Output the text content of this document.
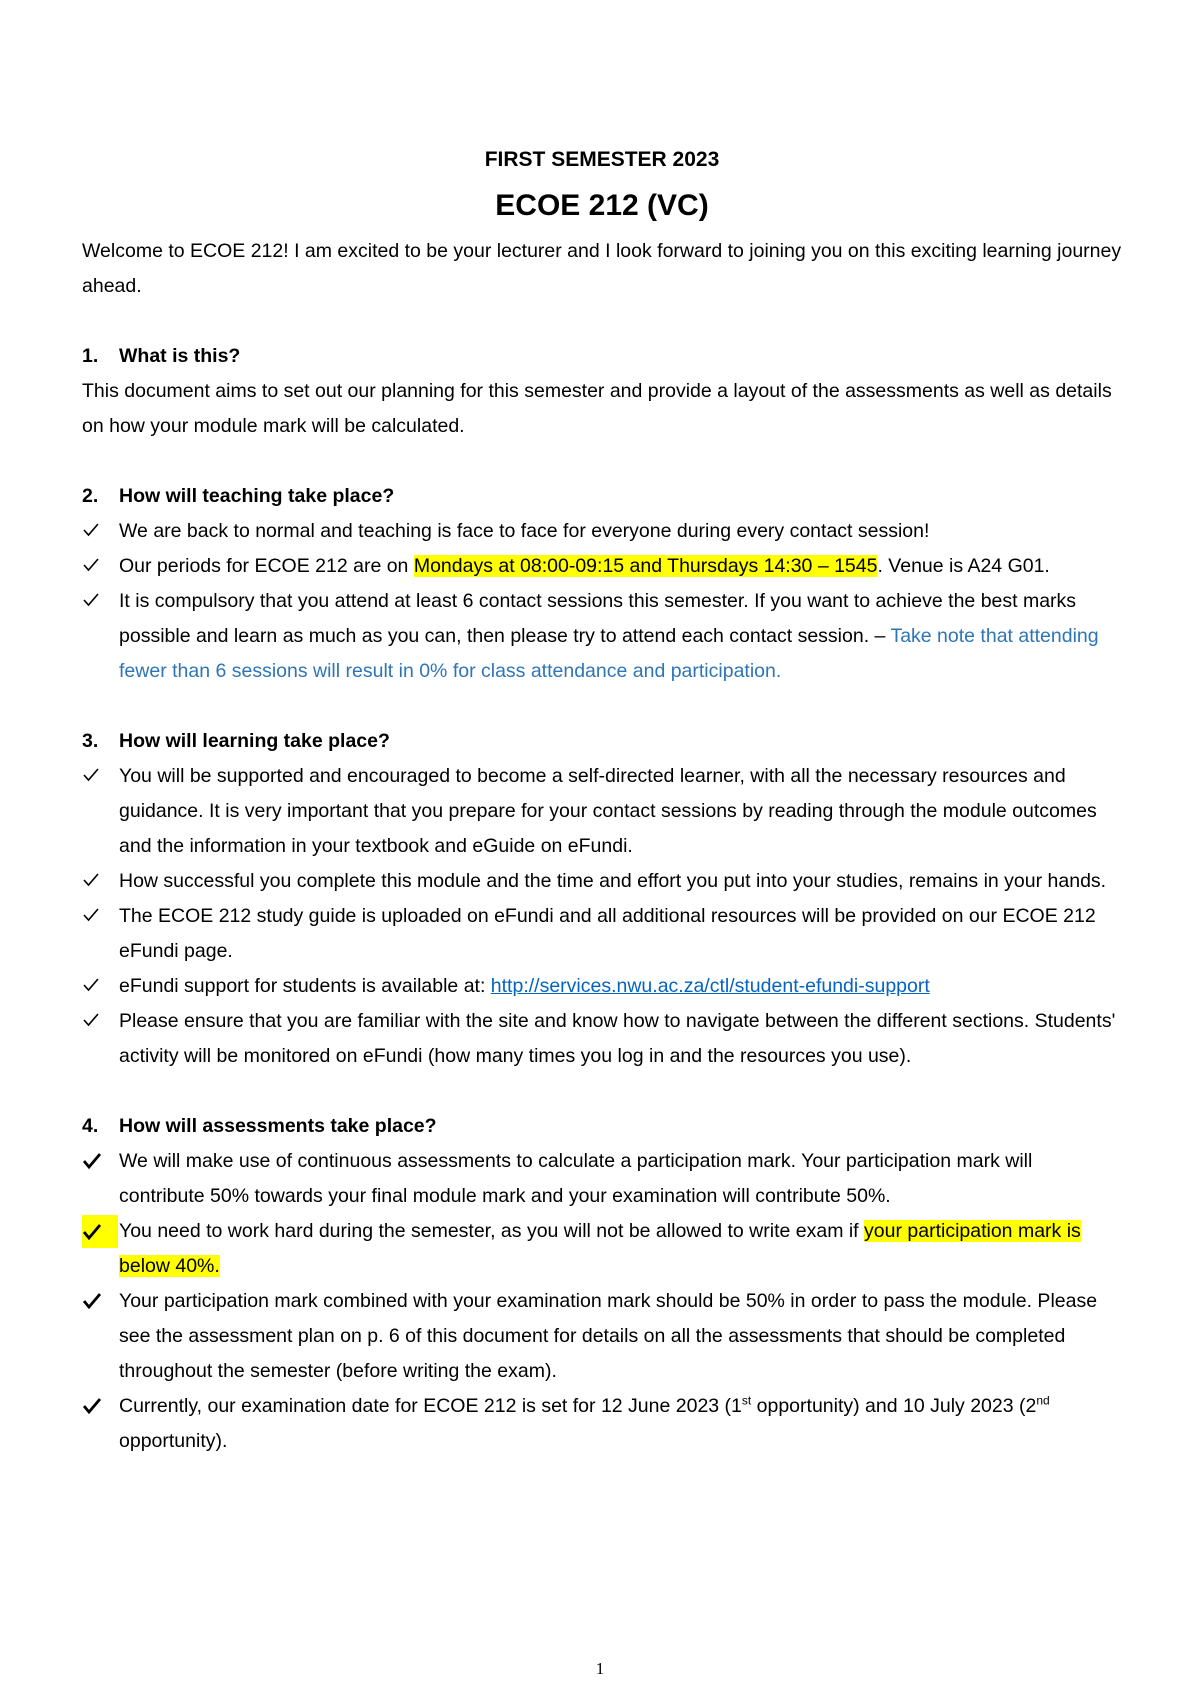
FIRST SEMESTER 2023

ECOE 212 (VC)

Welcome to ECOE 212! I am excited to be your lecturer and I look forward to joining you on this exciting learning journey ahead.

1. What is this?

This document aims to set out our planning for this semester and provide a layout of the assessments as well as details on how your module mark will be calculated.

2. How will teaching take place?
We are back to normal and teaching is face to face for everyone during every contact session!
Our periods for ECOE 212 are on Mondays at 08:00-09:15 and Thursdays 14:30 – 1545. Venue is A24 G01.
It is compulsory that you attend at least 6 contact sessions this semester. If you want to achieve the best marks possible and learn as much as you can, then please try to attend each contact session. – Take note that attending fewer than 6 sessions will result in 0% for class attendance and participation.
3. How will learning take place?
You will be supported and encouraged to become a self-directed learner, with all the necessary resources and guidance. It is very important that you prepare for your contact sessions by reading through the module outcomes and the information in your textbook and eGuide on eFundi.
How successful you complete this module and the time and effort you put into your studies, remains in your hands.
The ECOE 212 study guide is uploaded on eFundi and all additional resources will be provided on our ECOE 212 eFundi page.
eFundi support for students is available at: http://services.nwu.ac.za/ctl/student-efundi-support
Please ensure that you are familiar with the site and know how to navigate between the different sections. Students' activity will be monitored on eFundi (how many times you log in and the resources you use).
4. How will assessments take place?
We will make use of continuous assessments to calculate a participation mark. Your participation mark will contribute 50% towards your final module mark and your examination will contribute 50%.
You need to work hard during the semester, as you will not be allowed to write exam if your participation mark is below 40%.
Your participation mark combined with your examination mark should be 50% in order to pass the module. Please see the assessment plan on p. 6 of this document for details on all the assessments that should be completed throughout the semester (before writing the exam).
Currently, our examination date for ECOE 212 is set for 12 June 2023 (1st opportunity) and 10 July 2023 (2nd opportunity).
1
